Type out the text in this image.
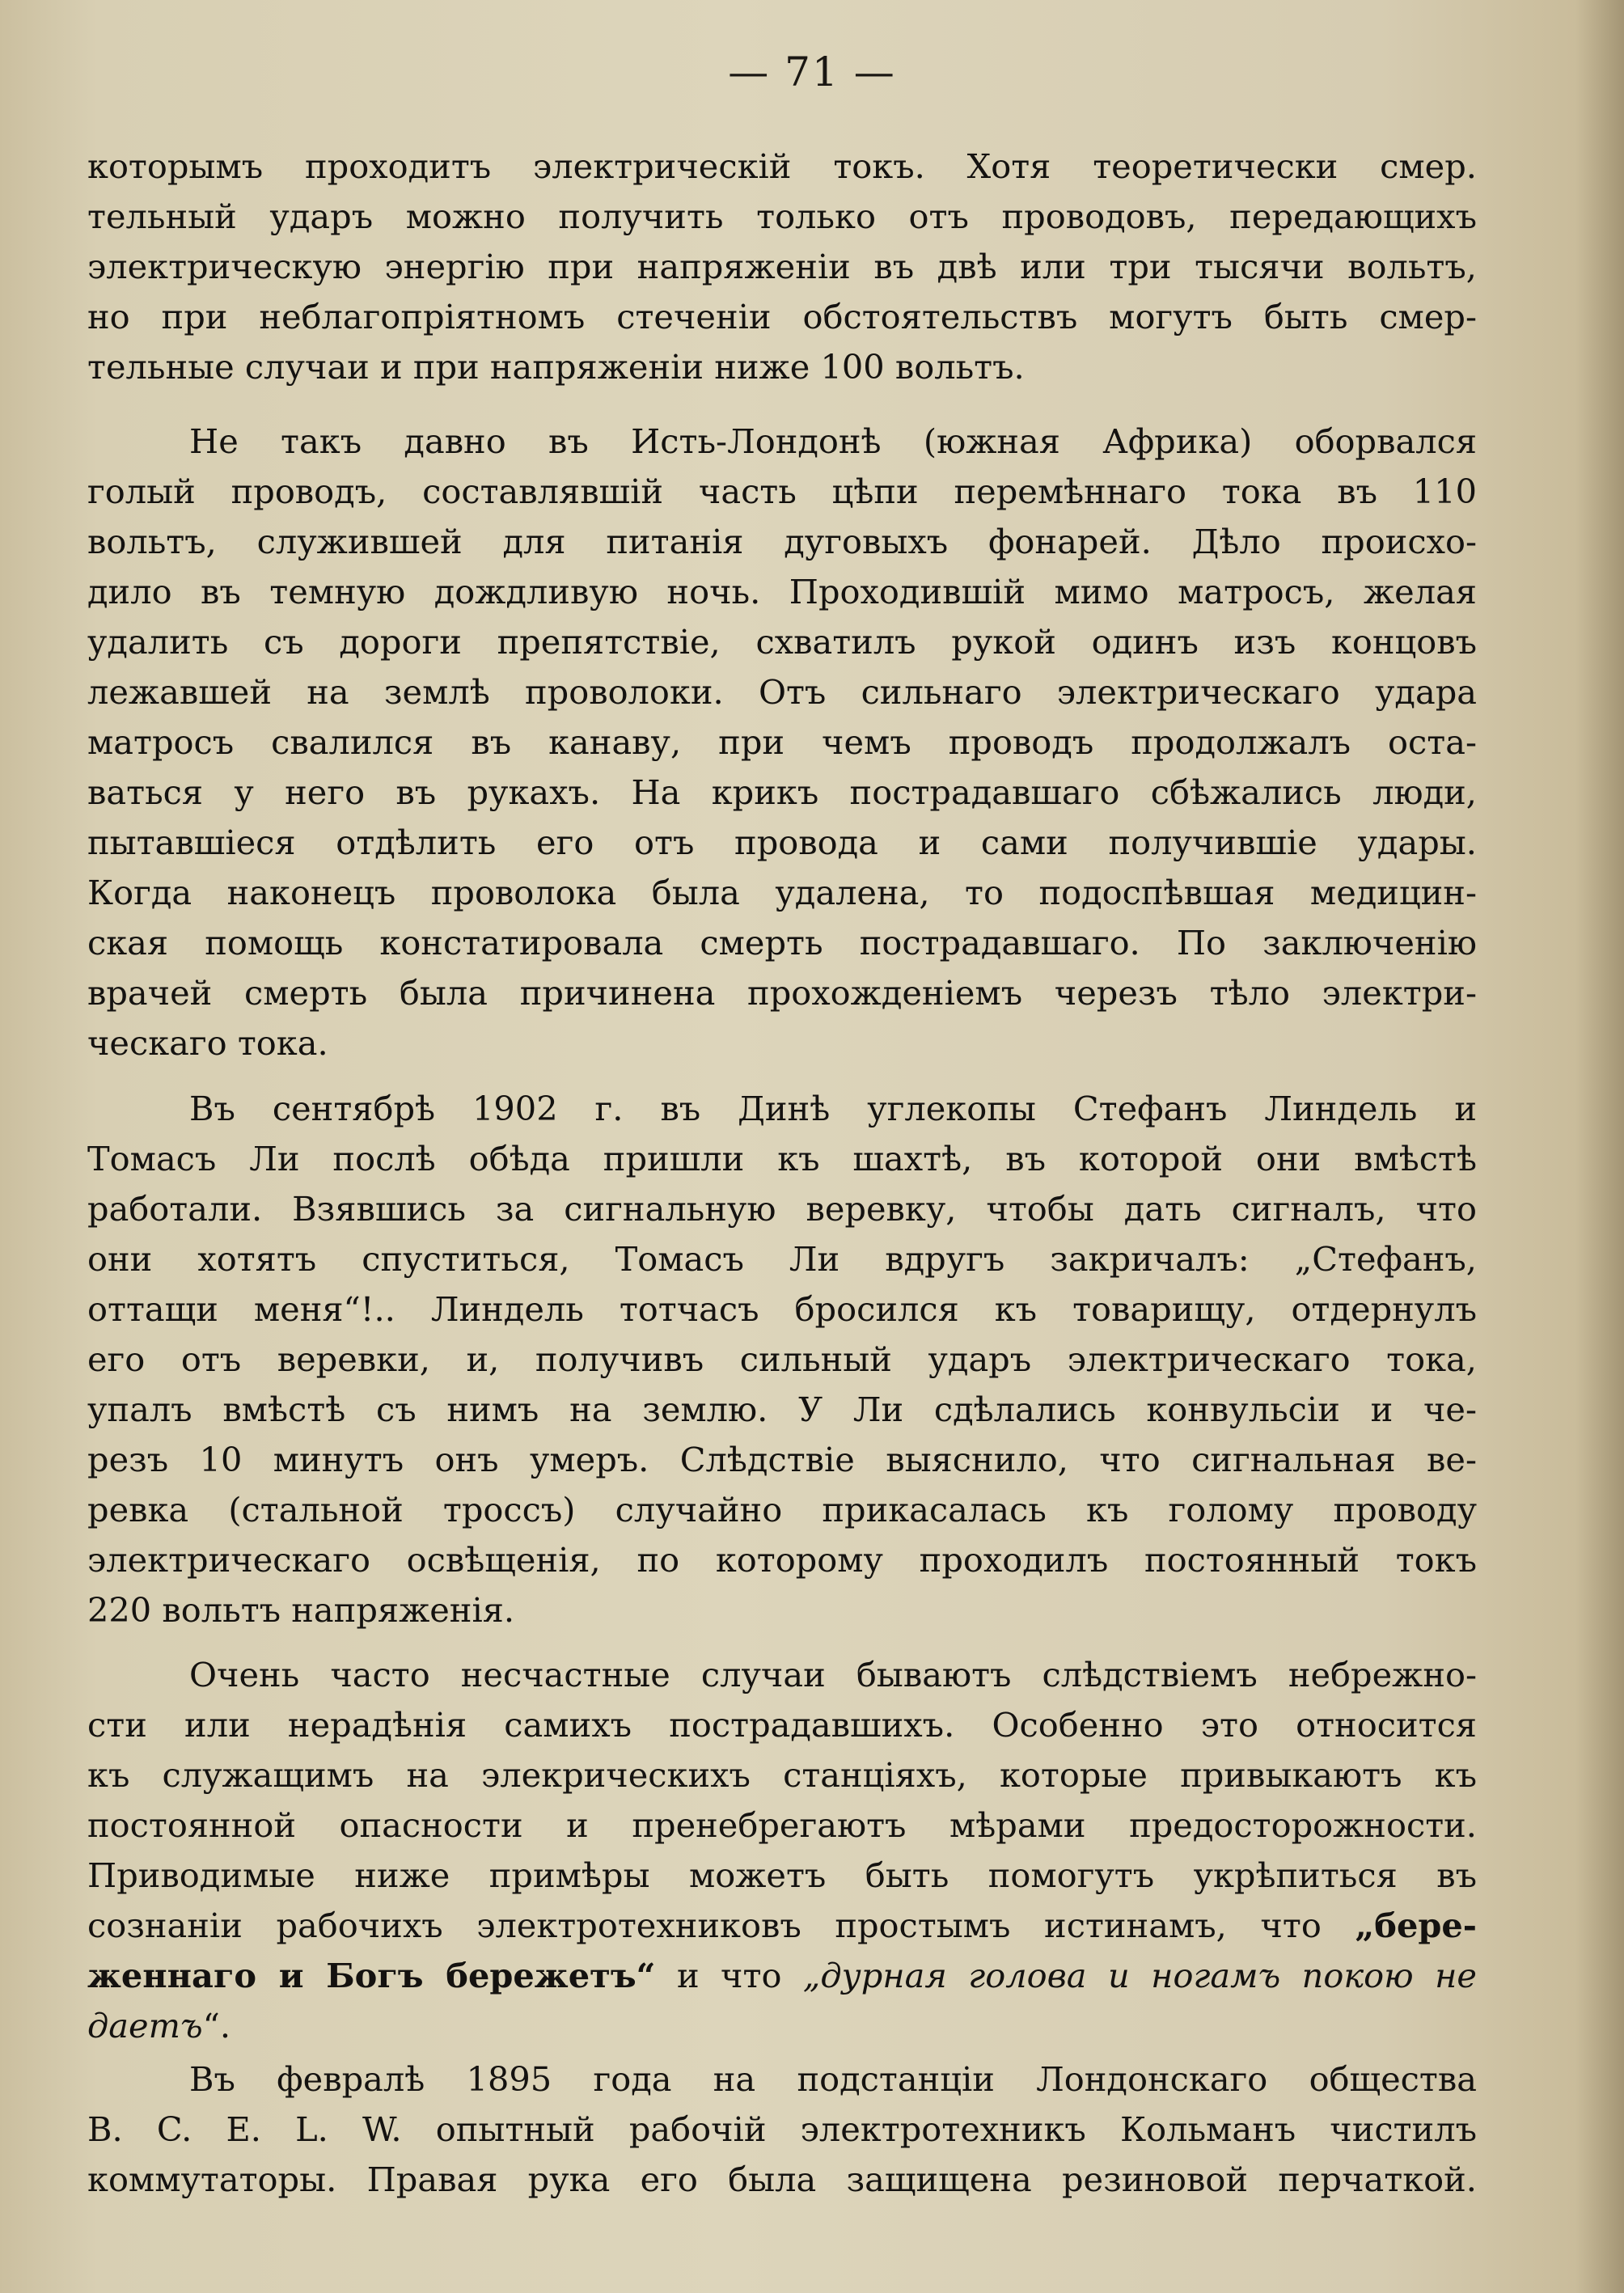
— 71 —
которымъ проходитъ электрическій токъ. Хотя теоретически смер.
тельный ударъ можно получить только отъ проводовъ, передающихъ
электрическую энергію при напряженіи въ двѣ или три тысячи вольтъ,
но при неблагопріятномъ стеченіи обстоятельствъ могутъ быть смер-
тельные случаи и при напряженіи ниже 100 вольтъ.
Не такъ давно въ Исть-Лондонѣ (южная Африка) оборвался
голый проводъ, составлявшій часть цѣпи перемѣннаго тока въ 110
вольтъ, служившей для питанія дуговыхъ фонарей. Дѣло происхо-
дило въ темную дождливую ночь. Проходившій мимо матросъ, желая
удалить съ дороги препятствіе, схватилъ рукой одинъ изъ концовъ
лежавшей на землѣ проволоки. Отъ сильнаго электрическаго удара
матросъ свалился въ канаву, при чемъ проводъ продолжалъ оста-
ваться у него въ рукахъ. На крикъ пострадавшаго сбѣжались люди,
пытавшіеся отдѣлить его отъ провода и сами получившіе удары.
Когда наконецъ проволока была удалена, то подоспѣвшая медицин-
ская помощь констатировала смерть пострадавшаго. По заключенію
врачей смерть была причинена прохожденіемъ черезъ тѣло электри-
ческаго тока.
Въ сентябрѣ 1902 г. въ Динѣ углекопы Стефанъ Линдель и
Томасъ Ли послѣ обѣда пришли къ шахтѣ, въ которой они вмѣстѣ
работали. Взявшись за сигнальную веревку, чтобы дать сигналъ, что
они хотятъ спуститься, Томасъ Ли вдругъ закричалъ: „Стефанъ,
оттащи меня“!.. Линдель тотчасъ бросился къ товарищу, отдернулъ
его отъ веревки, и, получивъ сильный ударъ электрическаго тока,
упалъ вмѣстѣ съ нимъ на землю. У Ли сдѣлались конвульсіи и че-
резъ 10 минутъ онъ умеръ. Слѣдствіе выяснило, что сигнальная ве-
ревка (стальной троссъ) случайно прикасалась къ голому проводу
электрическаго освѣщенія, по которому проходилъ постоянный токъ
220 вольтъ напряженія.
Очень часто несчастные случаи бываютъ слѣдствіемъ небрежно-
сти или нерадѣнія самихъ пострадавшихъ. Особенно это относится
къ служащимъ на элекрическихъ станціяхъ, которые привыкаютъ къ
постоянной опасности и пренебрегаютъ мѣрами предосторожности.
Приводимые ниже примѣры можетъ быть помогутъ укрѣпиться въ
сознаніи рабочихъ электротехниковъ простымъ истинамъ, что „бере-
женнаго и Богъ бережетъ“ и что „дурная голова и ногамъ покою не
даетъ“.
Въ февралѣ 1895 года на подстанціи Лондонскаго общества
B. C. E. L. W. опытный рабочій электротехникъ Кольманъ чистилъ
коммутаторы. Правая рука его была защищена резиновой перчаткой.
